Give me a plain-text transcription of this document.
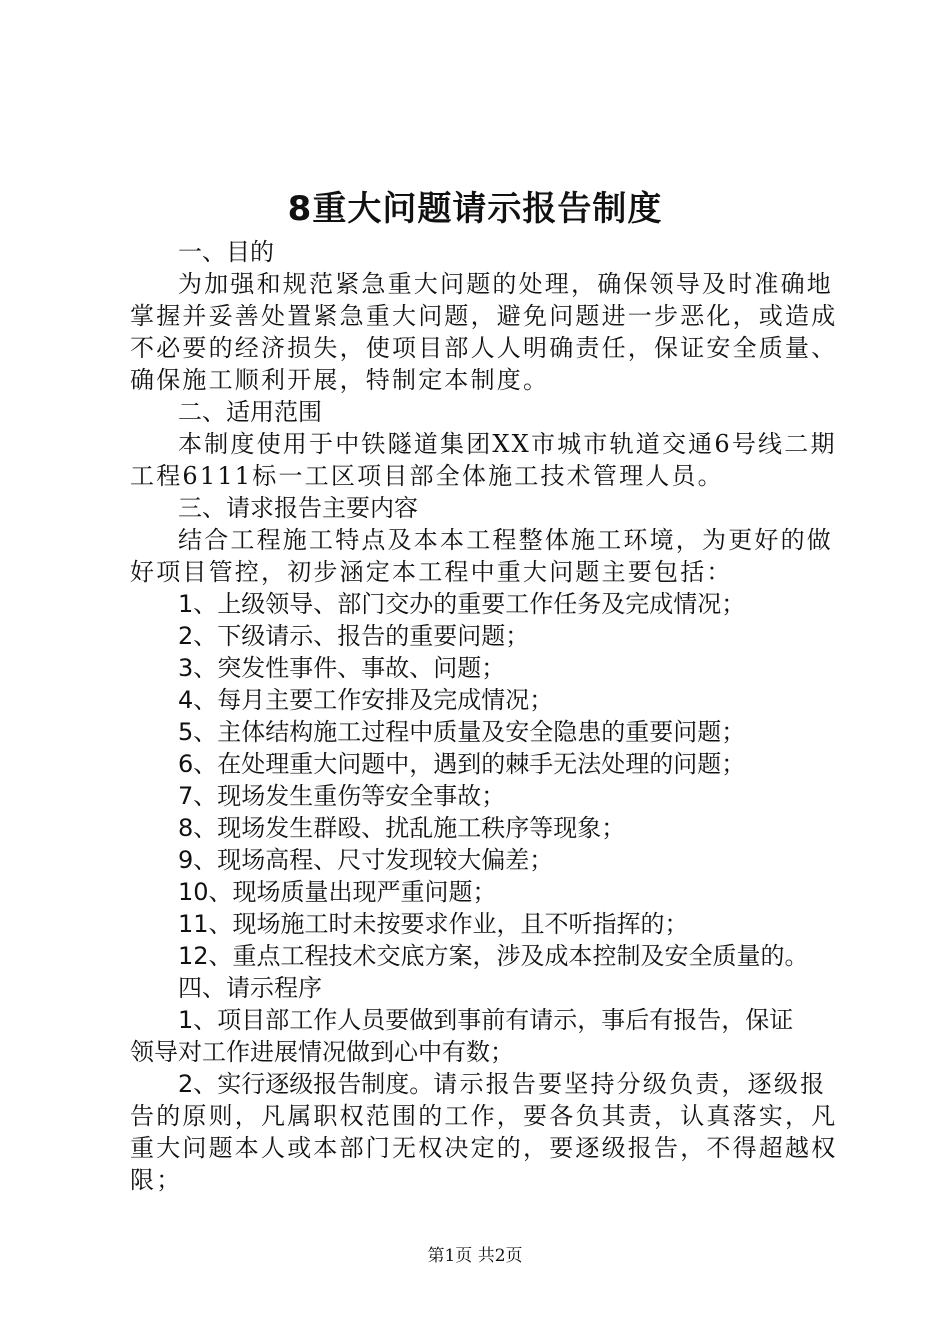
8重大问题请示报告制度
一、目的
为加强和规范紧急重大问题的处理，确保领导及时准确地
掌握并妥善处置紧急重大问题，避免问题进一步恶化，或造成
不必要的经济损失，使项目部人人明确责任，保证安全质量、
确保施工顺利开展，特制定本制度。
二、适用范围
本制度使用于中铁隧道集团XX市城市轨道交通6号线二期
工程6111标一工区项目部全体施工技术管理人员。
三、请求报告主要内容
结合工程施工特点及本本工程整体施工环境，为更好的做
好项目管控，初步涵定本工程中重大问题主要包括：
1、上级领导、部门交办的重要工作任务及完成情况；
2、下级请示、报告的重要问题；
3、突发性事件、事故、问题；
4、每月主要工作安排及完成情况；
5、主体结构施工过程中质量及安全隐患的重要问题；
6、在处理重大问题中，遇到的棘手无法处理的问题；
7、现场发生重伤等安全事故；
8、现场发生群殴、扰乱施工秩序等现象；
9、现场高程、尺寸发现较大偏差；
10、现场质量出现严重问题；
11、现场施工时未按要求作业，且不听指挥的；
12、重点工程技术交底方案，涉及成本控制及安全质量的。
四、请示程序
1、项目部工作人员要做到事前有请示，事后有报告，保证
领导对工作进展情况做到心中有数；
2、实行逐级报告制度。请示报告要坚持分级负责，逐级报
告的原则，凡属职权范围的工作，要各负其责，认真落实，凡
重大问题本人或本部门无权决定的，要逐级报告，不得超越权
限；
第1页 共2页
